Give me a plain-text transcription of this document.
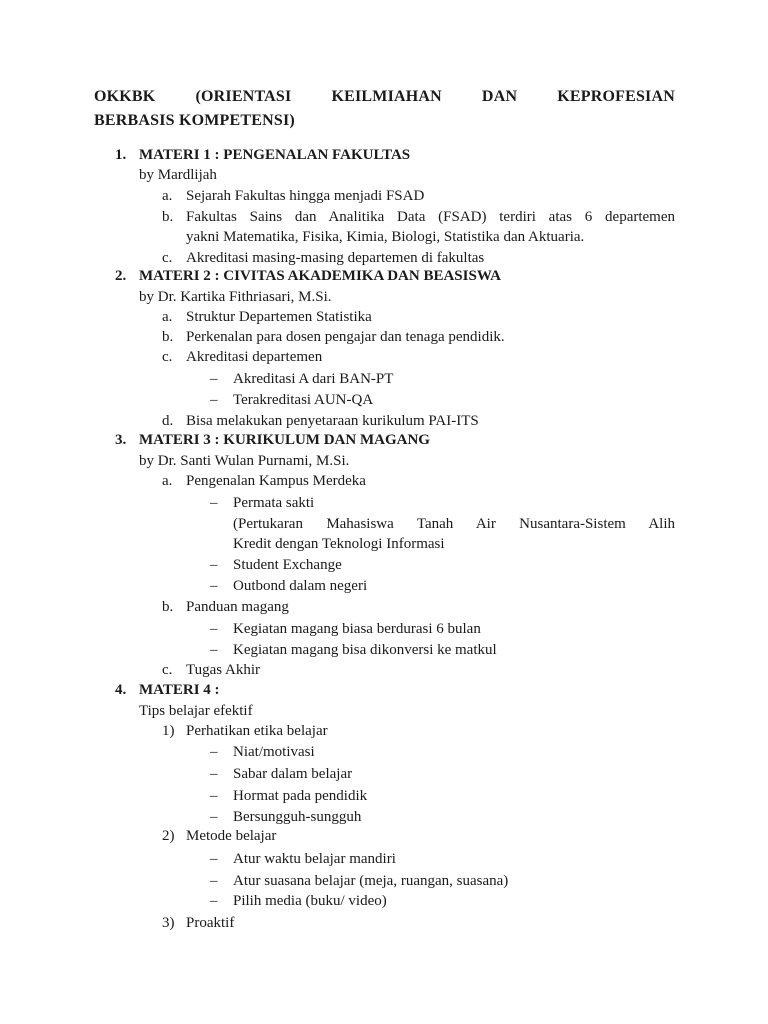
OKKBK (ORIENTASI KEILMIAHAN DAN KEPROFESIAN
BERBASIS KOMPETENSI)
1. MATERI 1 : PENGENALAN FAKULTAS
by Mardlijah
a. Sejarah Fakultas hingga menjadi FSAD
b. Fakultas Sains dan Analitika Data (FSAD) terdiri atas 6 departemen
yakni Matematika, Fisika, Kimia, Biologi, Statistika dan Aktuaria.
c. Akreditasi masing-masing departemen di fakultas
2. MATERI 2 : CIVITAS AKADEMIKA DAN BEASISWA
by Dr. Kartika Fithriasari, M.Si.
a. Struktur Departemen Statistika
b. Perkenalan para dosen pengajar dan tenaga pendidik.
c. Akreditasi departemen
– Akreditasi A dari BAN-PT
– Terakreditasi AUN-QA
d. Bisa melakukan penyetaraan kurikulum PAI-ITS
3. MATERI 3 : KURIKULUM DAN MAGANG
by Dr. Santi Wulan Purnami, M.Si.
a. Pengenalan Kampus Merdeka
– Permata sakti
(Pertukaran Mahasiswa Tanah Air Nusantara-Sistem Alih
Kredit dengan Teknologi Informasi
– Student Exchange
– Outbond dalam negeri
b. Panduan magang
– Kegiatan magang biasa berdurasi 6 bulan
– Kegiatan magang bisa dikonversi ke matkul
c. Tugas Akhir
4. MATERI 4 :
Tips belajar efektif
1) Perhatikan etika belajar
– Niat/motivasi
– Sabar dalam belajar
– Hormat pada pendidik
– Bersungguh-sungguh
2) Metode belajar
– Atur waktu belajar mandiri
– Atur suasana belajar (meja, ruangan, suasana)
– Pilih media (buku/ video)
3) Proaktif
